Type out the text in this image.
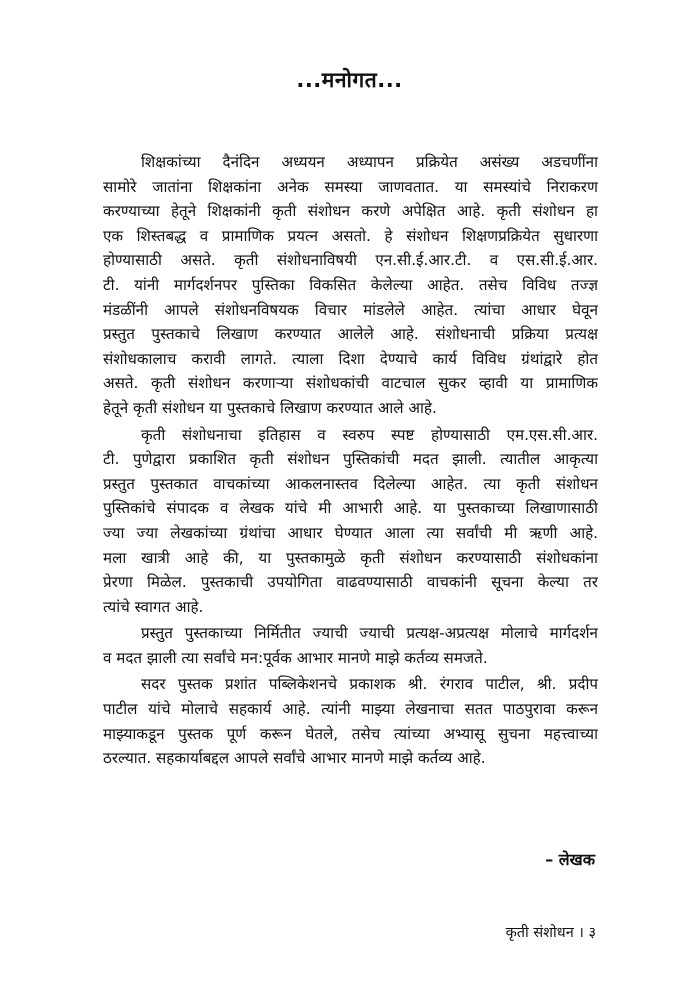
...मनोगत...
शिक्षकांच्या दैनंदिन अध्ययन अध्यापन प्रक्रियेत असंख्य अडचणींना
सामोरे जातांना शिक्षकांना अनेक समस्या जाणवतात. या समस्यांचे निराकरण
करण्याच्या हेतूने शिक्षकांनी कृती संशोधन करणे अपेक्षित आहे. कृती संशोधन हा
एक शिस्तबद्ध व प्रामाणिक प्रयत्न असतो. हे संशोधन शिक्षणप्रक्रियेत सुधारणा
होण्यासाठी असते. कृती संशोधनाविषयी एन.सी.ई.आर.टी. व एस.सी.ई.आर.
टी. यांनी मार्गदर्शनपर पुस्तिका विकसित केलेल्या आहेत. तसेच विविध तज्ज्ञ
मंडळींनी आपले संशोधनविषयक विचार मांडलेले आहेत. त्यांचा आधार घेवून
प्रस्तुत पुस्तकाचे लिखाण करण्यात आलेले आहे. संशोधनाची प्रक्रिया प्रत्यक्ष
संशोधकालाच करावी लागते. त्याला दिशा देण्याचे कार्य विविध ग्रंथांद्वारे होत
असते. कृती संशोधन करणाऱ्या संशोधकांची वाटचाल सुकर व्हावी या प्रामाणिक
हेतूने कृती संशोधन या पुस्तकाचे लिखाण करण्यात आले आहे.
कृती संशोधनाचा इतिहास व स्वरुप स्पष्ट होण्यासाठी एम.एस.सी.आर.
टी. पुणेद्वारा प्रकाशित कृती संशोधन पुस्तिकांची मदत झाली. त्यातील आकृत्या
प्रस्तुत पुस्तकात वाचकांच्या आकलनास्तव दिलेल्या आहेत. त्या कृती संशोधन
पुस्तिकांचे संपादक व लेखक यांचे मी आभारी आहे. या पुस्तकाच्या लिखाणासाठी
ज्या ज्या लेखकांच्या ग्रंथांचा आधार घेण्यात आला त्या सर्वांची मी ऋणी आहे.
मला खात्री आहे की, या पुस्तकामुळे कृती संशोधन करण्यासाठी संशोधकांना
प्रेरणा मिळेल. पुस्तकाची उपयोगिता वाढवण्यासाठी वाचकांनी सूचना केल्या तर
त्यांचे स्वागत आहे.
प्रस्तुत पुस्तकाच्या निर्मितीत ज्याची ज्याची प्रत्यक्ष-अप्रत्यक्ष मोलाचे मार्गदर्शन
व मदत झाली त्या सर्वांचे मन:पूर्वक आभार मानणे माझे कर्तव्य समजते.
सदर पुस्तक प्रशांत पब्लिकेशनचे प्रकाशक श्री. रंगराव पाटील, श्री. प्रदीप
पाटील यांचे मोलाचे सहकार्य आहे. त्यांनी माझ्या लेखनाचा सतत पाठपुरावा करून
माझ्याकडून पुस्तक पूर्ण करून घेतले, तसेच त्यांच्या अभ्यासू सुचना महत्त्वाच्या
ठरल्यात. सहकार्याबद्दल आपले सर्वांचे आभार मानणे माझे कर्तव्य आहे.
– लेखक
कृती संशोधन । ३
